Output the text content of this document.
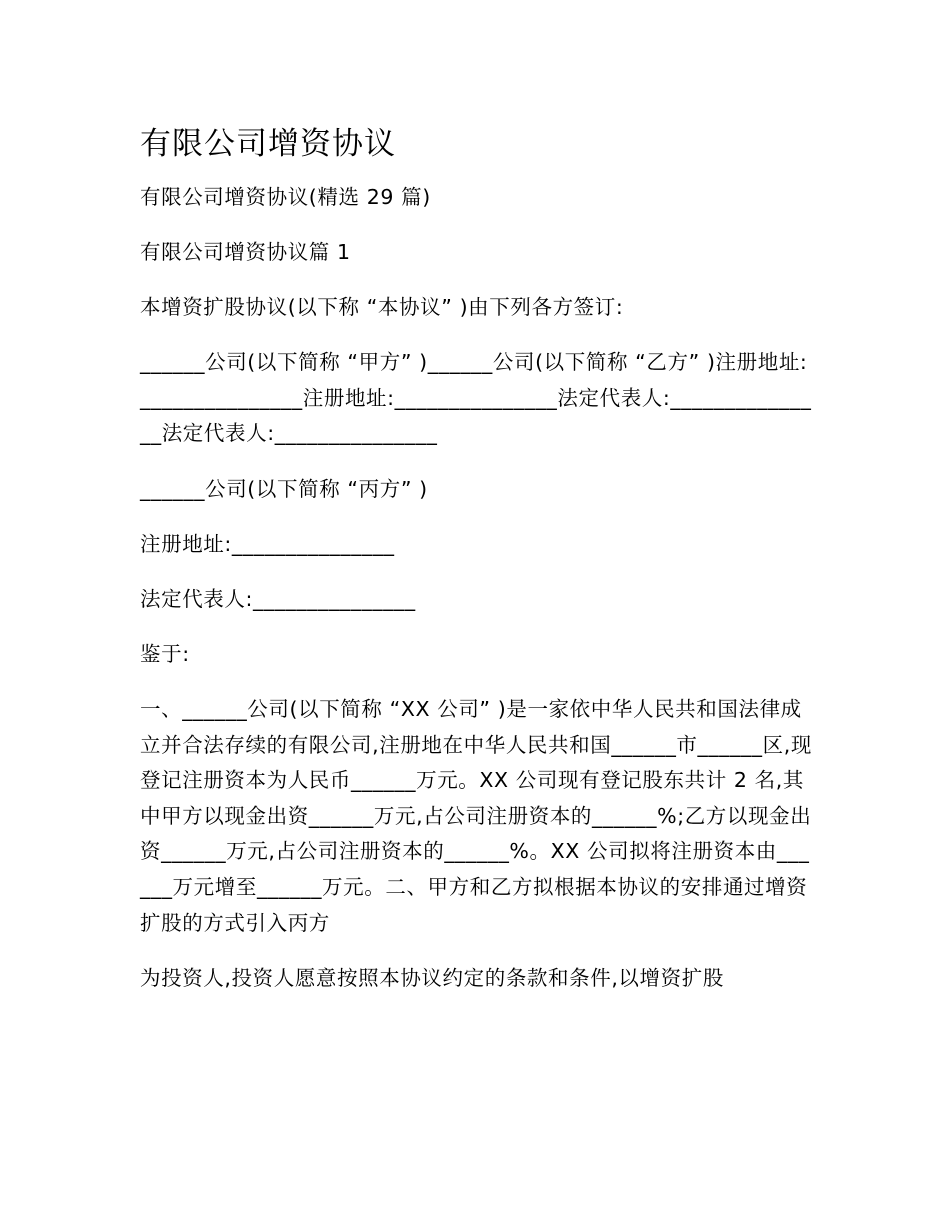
有限公司增资协议

有限公司增资协议(精选 29 篇)

有限公司增资协议篇 1

本增资扩股协议(以下称 “本协议” )由下列各方签订:

______公司(以下简称 “甲方” )______公司(以下简称 “乙方” )注册地址:_______________注册地址:_______________法定代表人:_______________法定代表人:_______________

______公司(以下简称 “丙方” )

注册地址:_______________

法定代表人:_______________

鉴于:

一、______公司(以下简称 “XX 公司” )是一家依中华人民共和国法律成立并合法存续的有限公司,注册地在中华人民共和国______市______区,现登记注册资本为人民币______万元。XX 公司现有登记股东共计 2 名,其中甲方以现金出资______万元,占公司注册资本的______%;乙方以现金出资______万元,占公司注册资本的______%。XX 公司拟将注册资本由______万元增至______万元。二、甲方和乙方拟根据本协议的安排通过增资扩股的方式引入丙方

为投资人,投资人愿意按照本协议约定的条款和条件,以增资扩股
